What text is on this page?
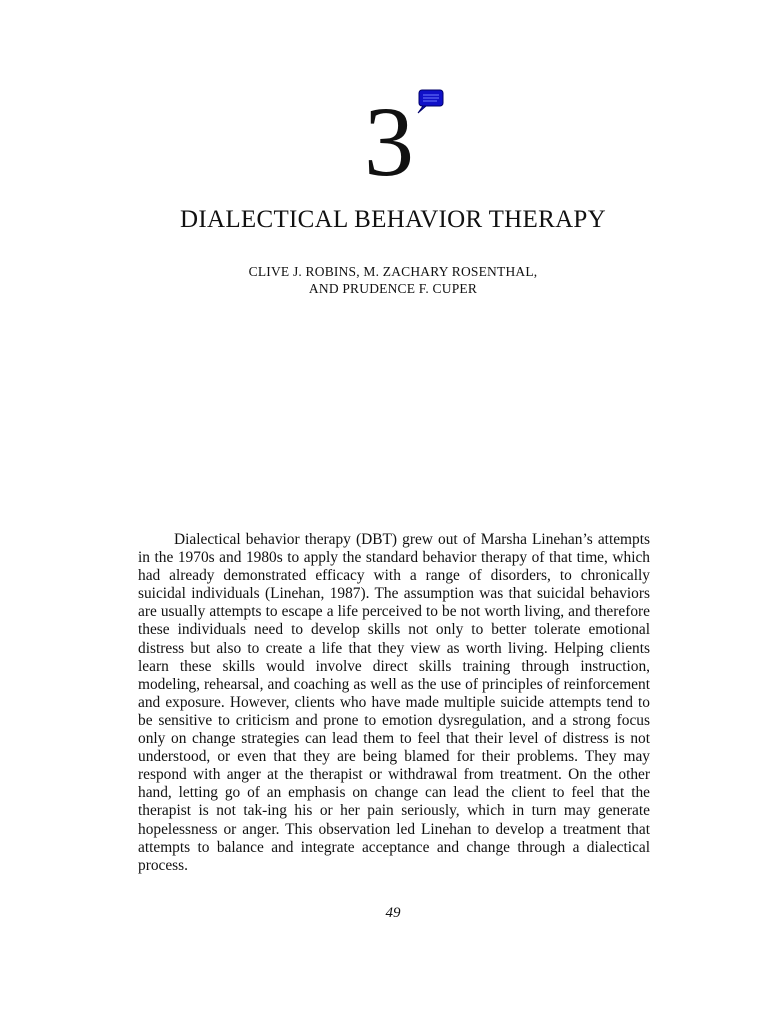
3
DIALECTICAL BEHAVIOR THERAPY
CLIVE J. ROBINS, M. ZACHARY ROSENTHAL,
AND PRUDENCE F. CUPER

Dialectical behavior therapy (DBT) grew out of Marsha Linehan’s attempts in the 1970s and 1980s to apply the standard behavior therapy of that time, which had already demonstrated efficacy with a range of disorders, to chronically suicidal individuals (Linehan, 1987). The assumption was that suicidal behaviors are usually attempts to escape a life perceived to be not worth living, and therefore these individuals need to develop skills not only to better tolerate emotional distress but also to create a life that they view as worth living. Helping clients learn these skills would involve direct skills training through instruction, modeling, rehearsal, and coaching as well as the use of principles of reinforcement and exposure. However, clients who have made multiple suicide attempts tend to be sensitive to criticism and prone to emotion dysregulation, and a strong focus only on change strategies can lead them to feel that their level of distress is not understood, or even that they are being blamed for their problems. They may respond with anger at the therapist or withdrawal from treatment. On the other hand, letting go of an emphasis on change can lead the client to feel that the therapist is not tak-ing his or her pain seriously, which in turn may generate hopelessness or anger. This observation led Linehan to develop a treatment that attempts to balance and integrate acceptance and change through a dialectical process.

49
